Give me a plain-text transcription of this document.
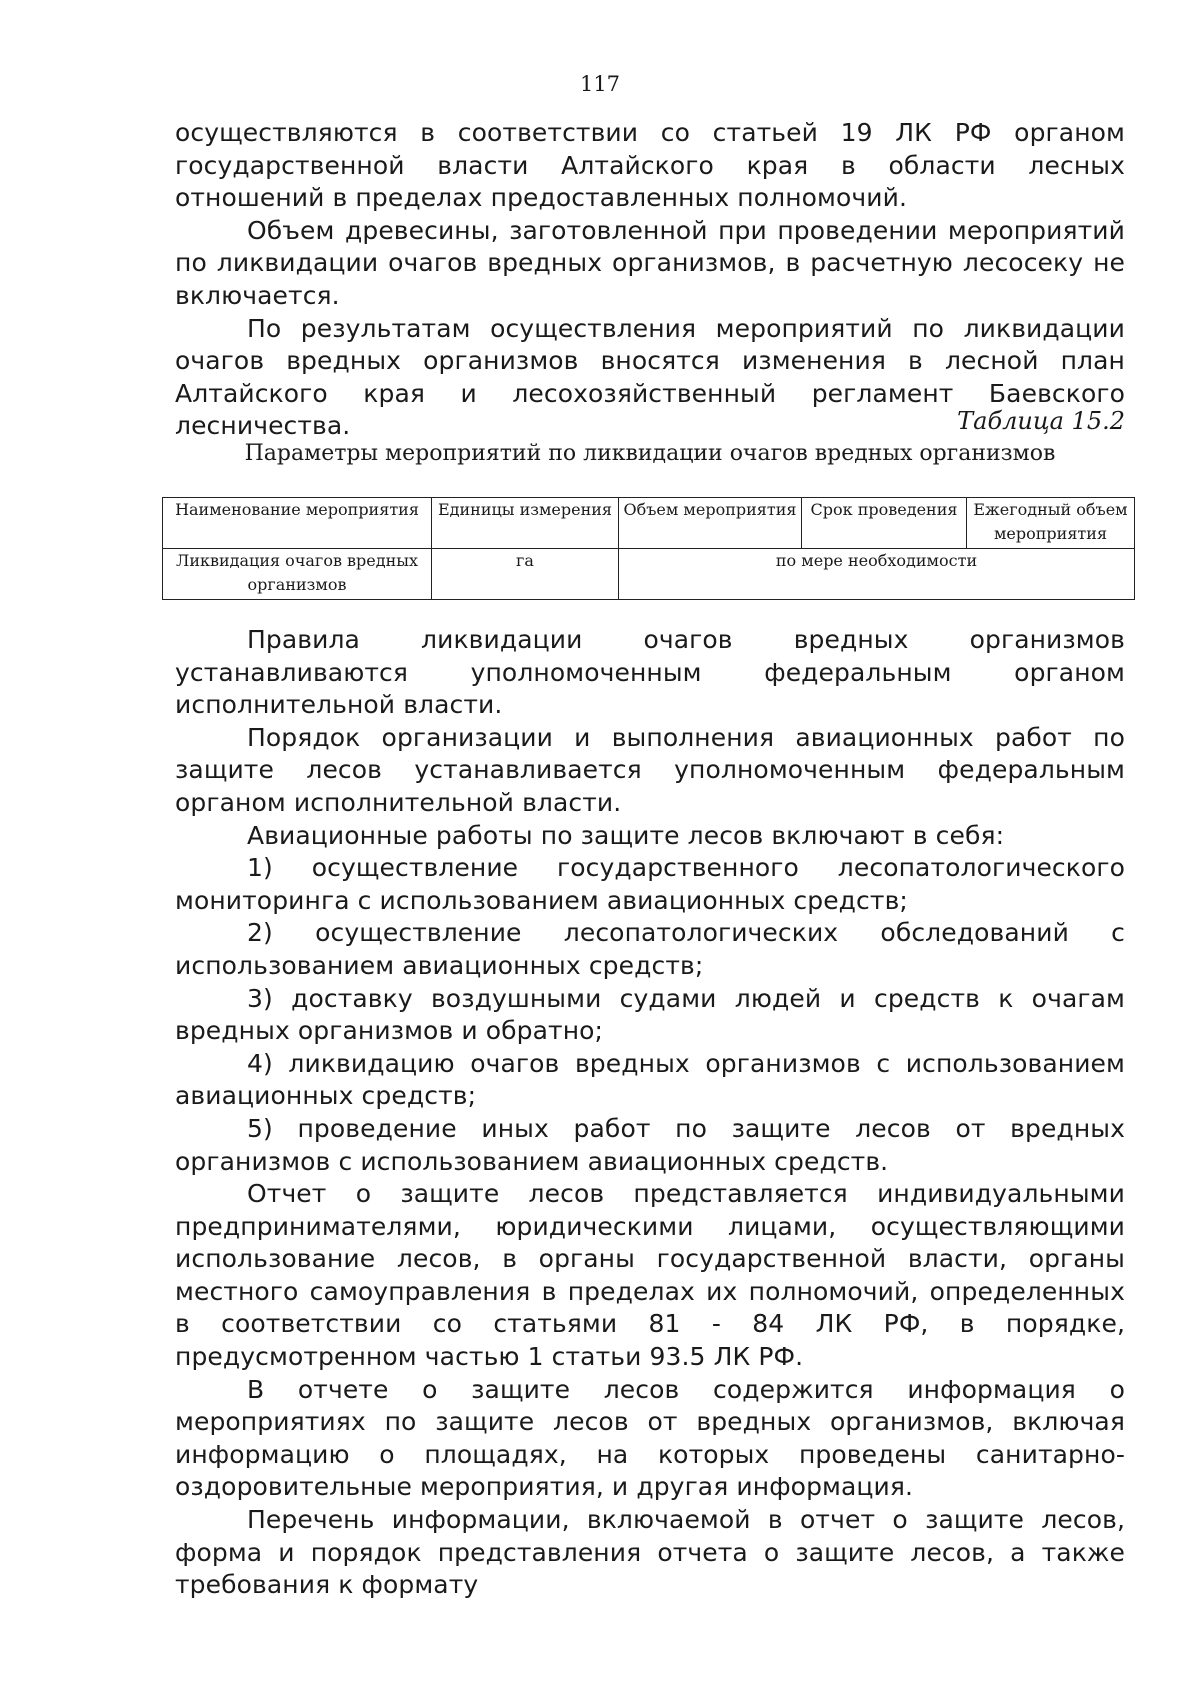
117

осуществляются в соответствии со статьей 19 ЛК РФ органом государственной власти Алтайского края в области лесных отношений в пределах предоставленных полномочий.

Объем древесины, заготовленной при проведении мероприятий по ликвидации очагов вредных организмов, в расчетную лесосеку не включается.

По результатам осуществления мероприятий по ликвидации очагов вредных организмов вносятся изменения в лесной план Алтайского края и лесохозяйственный регламент Баевского лесничества.	Таблица 15.2
Параметры мероприятий по ликвидации очагов вредных организмов
Наименование мероприятия	Единицы измерения	Объем мероприятия	Срок проведения	Ежегодный объем мероприятия
Ликвидация очагов вредных организмов	га	по мере необходимости		

Правила ликвидации очагов вредных организмов устанавливаются уполномоченным федеральным органом исполнительной власти.

Порядок организации и выполнения авиационных работ по защите лесов устанавливается уполномоченным федеральным органом исполнительной власти.

Авиационные работы по защите лесов включают в себя:

1) осуществление государственного лесопатологического мониторинга с использованием авиационных средств;

2) осуществление лесопатологических обследований с использованием авиационных средств;

3) доставку воздушными судами людей и средств к очагам вредных организмов и обратно;

4) ликвидацию очагов вредных организмов с использованием авиационных средств;

5) проведение иных работ по защите лесов от вредных организмов с использованием авиационных средств.

Отчет о защите лесов представляется индивидуальными предпринимателями, юридическими лицами, осуществляющими использование лесов, в органы государственной власти, органы местного самоуправления в пределах их полномочий, определенных в соответствии со статьями 81 - 84 ЛК РФ, в порядке, предусмотренном частью 1 статьи 93.5 ЛК РФ.

В отчете о защите лесов содержится информация о мероприятиях по защите лесов от вредных организмов, включая информацию о площадях, на которых проведены санитарно-оздоровительные мероприятия, и другая информация.

Перечень информации, включаемой в отчет о защите лесов, форма и порядок представления отчета о защите лесов, а также требования к формату
